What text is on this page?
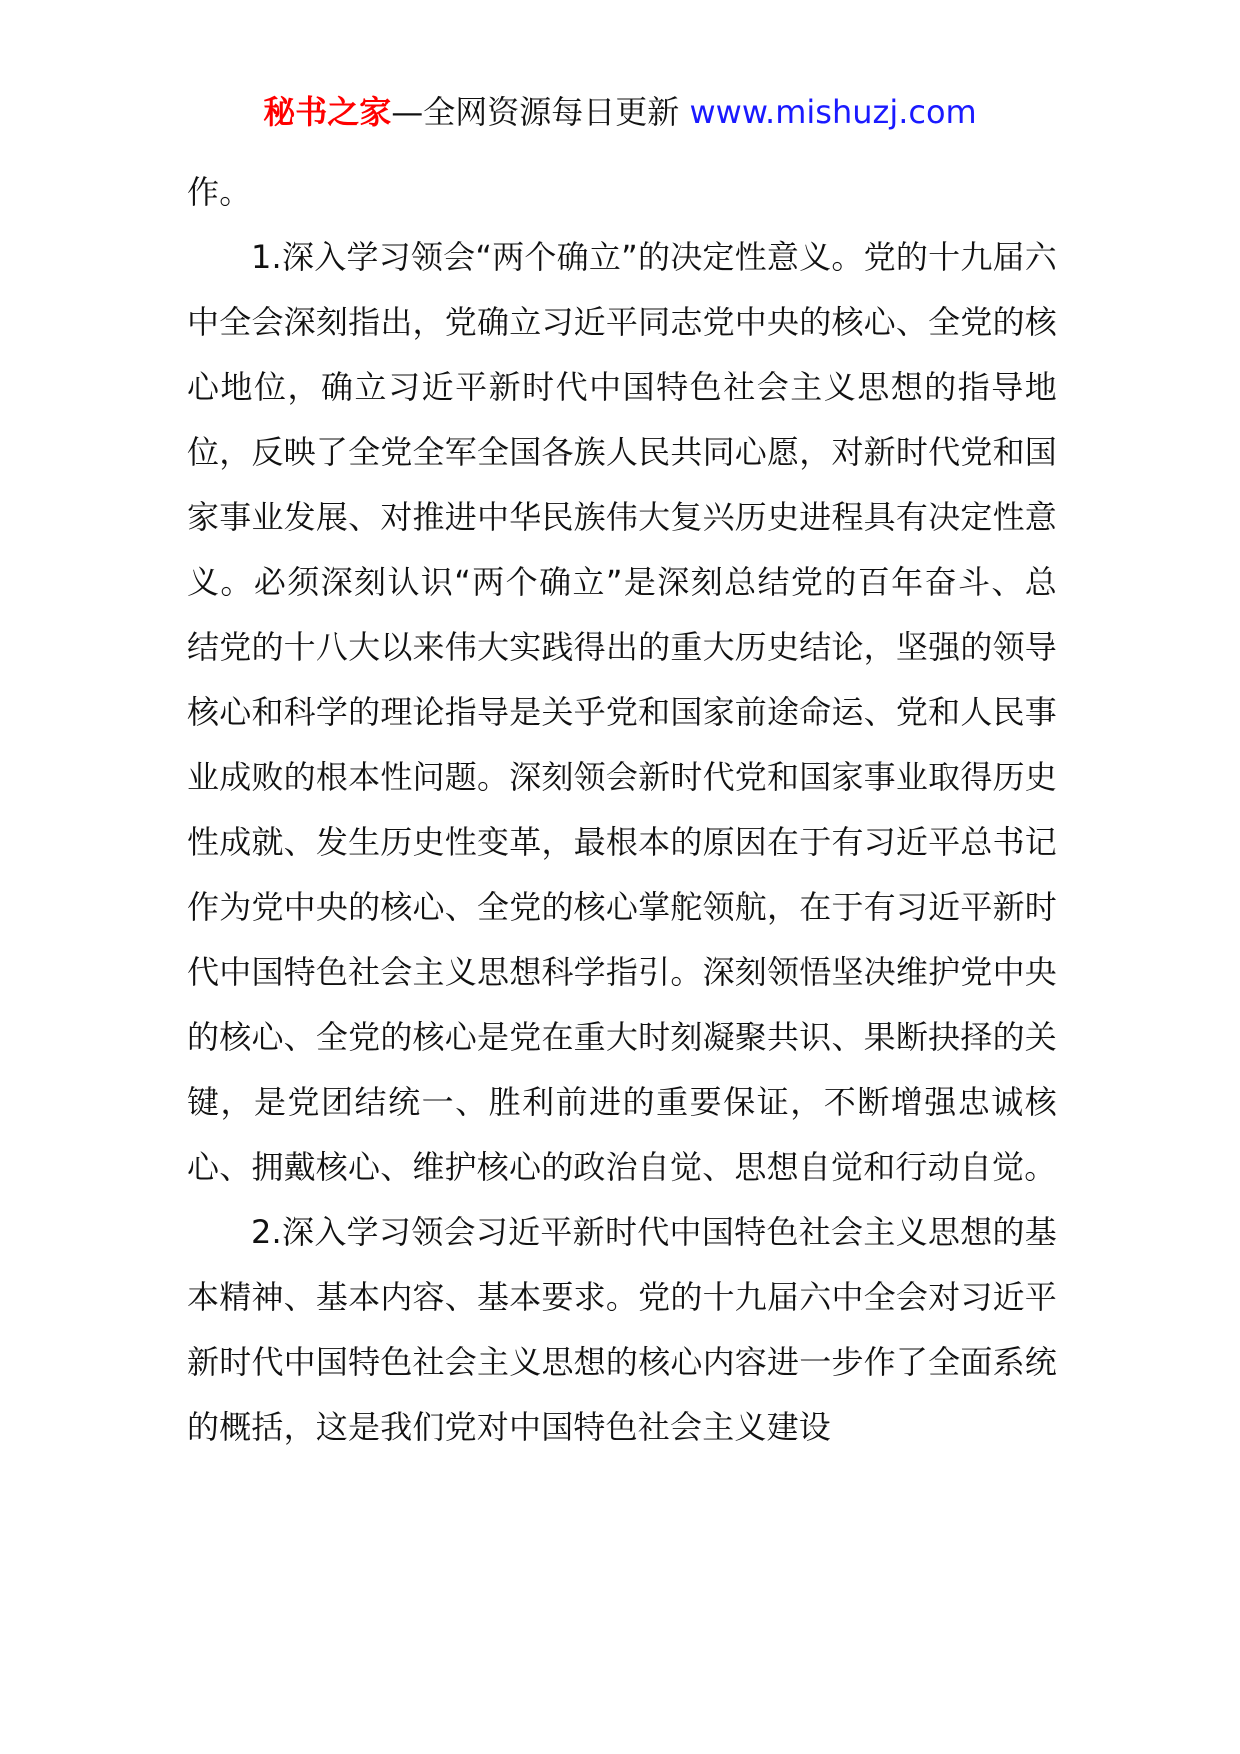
秘书之家—全网资源每日更新 www.mishuzj.com

作。

1.深入学习领会“两个确立”的决定性意义。党的十九届六中全会深刻指出，党确立习近平同志党中央的核心、全党的核心地位，确立习近平新时代中国特色社会主义思想的指导地位，反映了全党全军全国各族人民共同心愿，对新时代党和国家事业发展、对推进中华民族伟大复兴历史进程具有决定性意义。必须深刻认识“两个确立”是深刻总结党的百年奋斗、总结党的十八大以来伟大实践得出的重大历史结论，坚强的领导核心和科学的理论指导是关乎党和国家前途命运、党和人民事业成败的根本性问题。深刻领会新时代党和国家事业取得历史性成就、发生历史性变革，最根本的原因在于有习近平总书记作为党中央的核心、全党的核心掌舵领航，在于有习近平新时代中国特色社会主义思想科学指引。深刻领悟坚决维护党中央的核心、全党的核心是党在重大时刻凝聚共识、果断抉择的关键，是党团结统一、胜利前进的重要保证，不断增强忠诚核心、拥戴核心、维护核心的政治自觉、思想自觉和行动自觉。

2.深入学习领会习近平新时代中国特色社会主义思想的基本精神、基本内容、基本要求。党的十九届六中全会对习近平新时代中国特色社会主义思想的核心内容进一步作了全面系统的概括，这是我们党对中国特色社会主义建设
